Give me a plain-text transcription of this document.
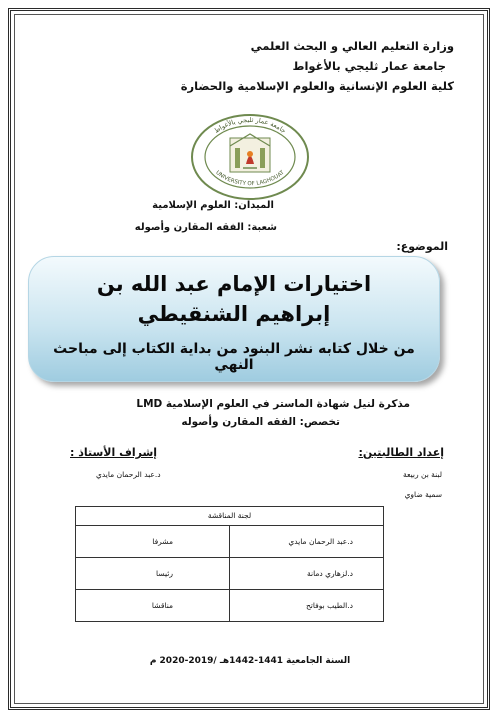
وزارة التعليم العالي و البحث العلمي
جامعة عمار ثليجي بالأغواط
كلية العلوم الإنسانية والعلوم الإسلامية والحضارة
جامعة عمار ثليجي بالأغواط
UNIVERSITY OF LAGHOUAT
الميدان: العلوم الإسلامية
شعبة: الفقه المقارن وأصوله
الموضوع:
اختيارات الإمام عبد الله بن إبراهيم الشنقيطي
من خلال كتابه نشر البنود من بداية الكتاب إلى مباحث النهي
مذكرة لنيل شهادة الماستر في العلوم الإسلامية LMD
تخصص: الفقه المقارن وأصوله
إعداد الطالبتين:
إشراف الأستاذ :
لبنة بن ربيعة
د.عبد الرحمان مايدي
سمية ضاوي
لجنة المناقشة	
مشرفا	د.عبد الرحمان مايدي
رئيسا	د.لزهاري دمانة
مناقشا	د.الطيب بوفاتح
السنة الجامعية 1441-1442هـ /2019-2020 م
